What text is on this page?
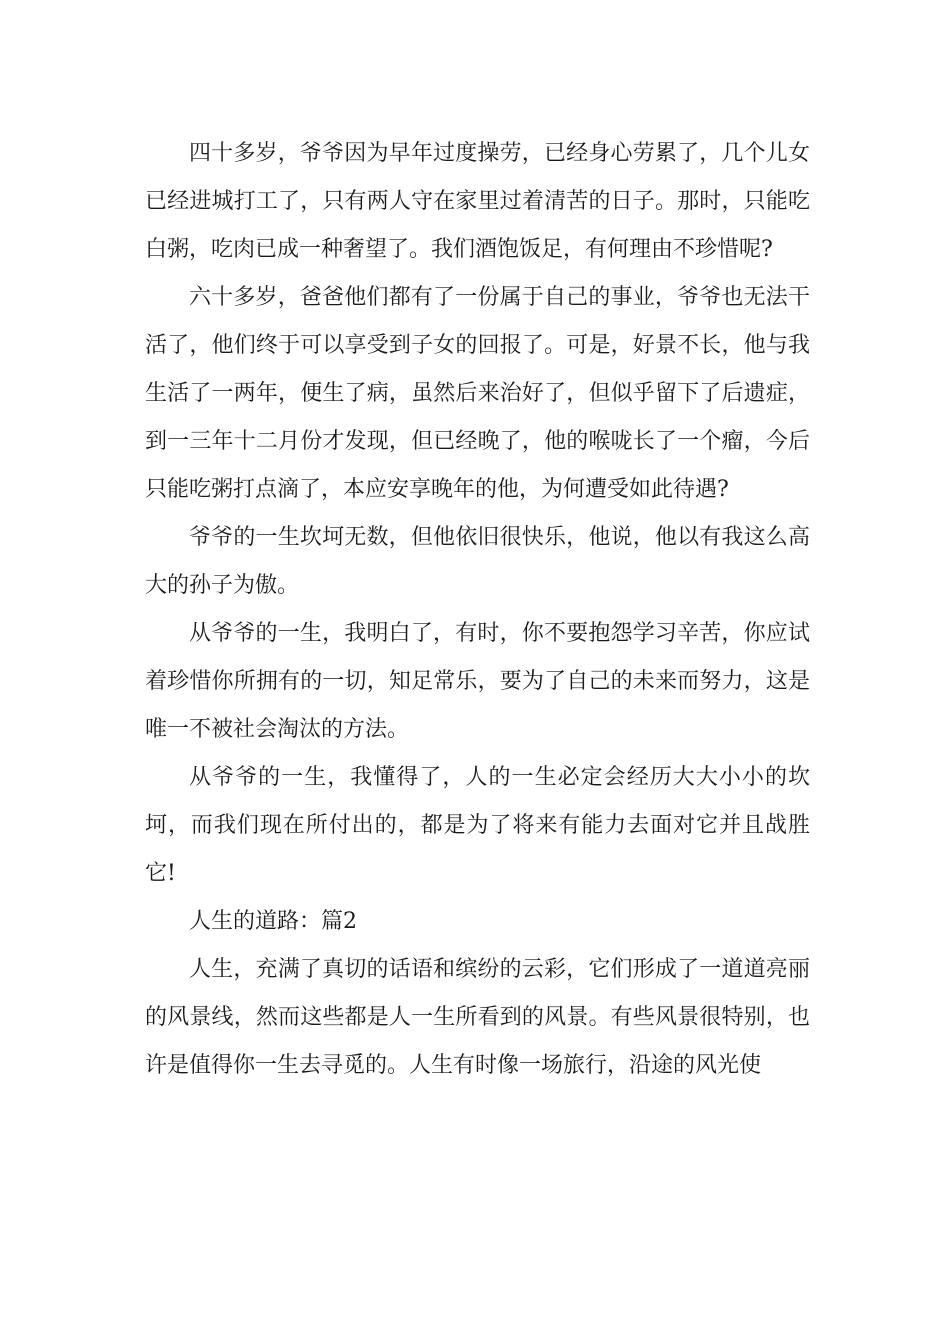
四十多岁，爷爷因为早年过度操劳，已经身心劳累了，几个儿女已经进城打工了，只有两人守在家里过着清苦的日子。那时，只能吃白粥，吃肉已成一种奢望了。我们酒饱饭足，有何理由不珍惜呢?

六十多岁，爸爸他们都有了一份属于自己的事业，爷爷也无法干活了，他们终于可以享受到子女的回报了。可是，好景不长，他与我生活了一两年，便生了病，虽然后来治好了，但似乎留下了后遗症，到一三年十二月份才发现，但已经晚了，他的喉咙长了一个瘤，今后只能吃粥打点滴了，本应安享晚年的他，为何遭受如此待遇?

爷爷的一生坎坷无数，但他依旧很快乐，他说，他以有我这么高大的孙子为傲。

从爷爷的一生，我明白了，有时，你不要抱怨学习辛苦，你应试着珍惜你所拥有的一切，知足常乐，要为了自己的未来而努力，这是唯一不被社会淘汰的方法。

从爷爷的一生，我懂得了，人的一生必定会经历大大小小的坎坷，而我们现在所付出的，都是为了将来有能力去面对它并且战胜它!

人生的道路：篇2

人生，充满了真切的话语和缤纷的云彩，它们形成了一道道亮丽的风景线，然而这些都是人一生所看到的风景。有些风景很特别，也许是值得你一生去寻觅的。人生有时像一场旅行，沿途的风光使
